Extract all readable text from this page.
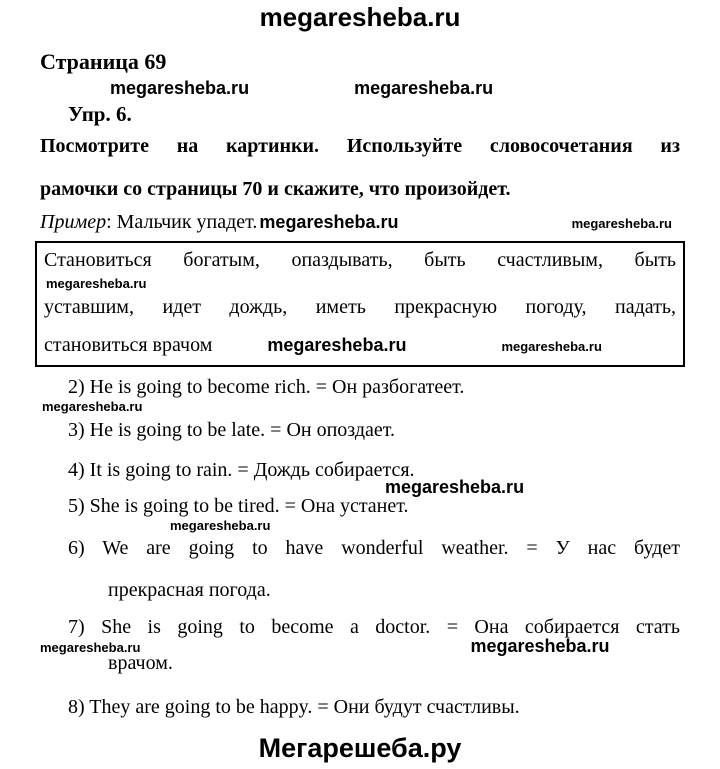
megaresheba.ru
Страница 69
megaresheba.ru	megaresheba.ru
Упр. 6.
Посмотрите на картинки. Используйте словосочетания из
рамочки со страницы 70 и скажите, что произойдет.
Пример: Мальчик упадет. megaresheba.ru	megaresheba.ru
Становиться богатым, опаздывать, быть счастливым, быть
megaresheba.ru
уставшим, идет дождь, иметь прекрасную погоду, падать,
становиться врачом	megaresheba.ru	megaresheba.ru
2) He is going to become rich. = Он разбогатеет.
megaresheba.ru
3) He is going to be late. = Он опоздает.
4) It is going to rain. = Дождь собирается.
megaresheba.ru
5) She is going to be tired. = Она устанет.
megaresheba.ru
6) We are going to have wonderful weather. = У нас будет
прекрасная погода.
7) She is going to become a doctor. = Она собирается стать
megaresheba.ru	megaresheba.ru
врачом.
8) They are going to be happy. = Они будут счастливы.
Мегарешеба.ру
